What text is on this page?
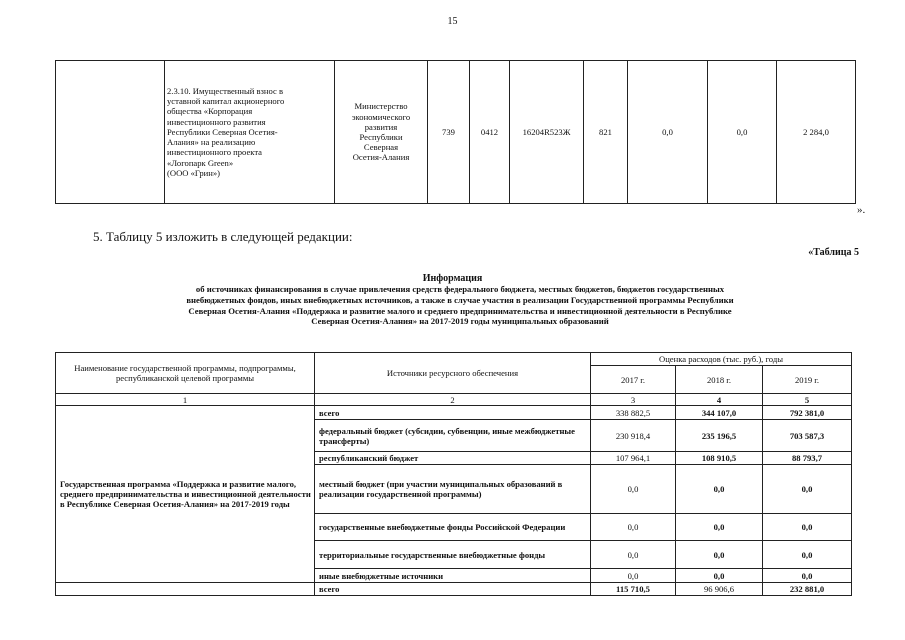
15

2.3.10. Имущественный взнос в
уставной капитал акционерного
общества «Корпорация
инвестиционного развития
Республики Северная Осетия-
Алания» на реализацию
инвестиционного проекта
«Логопарк Green»
(ООО «Грин»)

Министерство
экономического
развития
Республики
Северная
Осетия-Алания
	739	0412	16204R523Ж	821	0,0	0,0	2 284,0
».
5. Таблицу 5 изложить в следующей редакции:
«Таблица 5
Информация
об источниках финансирования в случае привлечения средств федерального бюджета, местных бюджетов, бюджетов государственных
внебюджетных фондов, иных внебюджетных источников, а также в случае участия в реализации Государственной программы Республики
Северная Осетия-Алания «Поддержка и развитие малого и среднего предпринимательства и инвестиционной деятельности в Республике
Северная Осетия-Алания» на 2017-2019 годы муниципальных образований
Наименование государственной программы, подпрограммы, республиканской целевой программы	Источники ресурсного обеспечения	Оценка расходов (тыс. руб.), годы		
		2017 г.	2018 г.	2019 г.
1	2	3	4	5
Государственная программа «Поддержка и развитие малого, среднего предпринимательства и инвестиционной деятельности в Республике Северная Осетия-Алания» на 2017-2019 годы	всего	338 882,5	344 107,0	792 381,0
	федеральный бюджет (субсидии, субвенции, иные межбюджетные трансферты)	230 918,4	235 196,5	703 587,3
	республиканский бюджет	107 964,1	108 910,5	88 793,7
	местный бюджет (при участии муниципальных образований в реализации государственной программы)	0,0	0,0	0,0
	государственные внебюджетные фонды Российской Федерации	0,0	0,0	0,0
	территориальные государственные внебюджетные фонды	0,0	0,0	0,0
	иные внебюджетные источники	0,0	0,0	0,0
	всего	115 710,5	96 906,6	232 881,0
